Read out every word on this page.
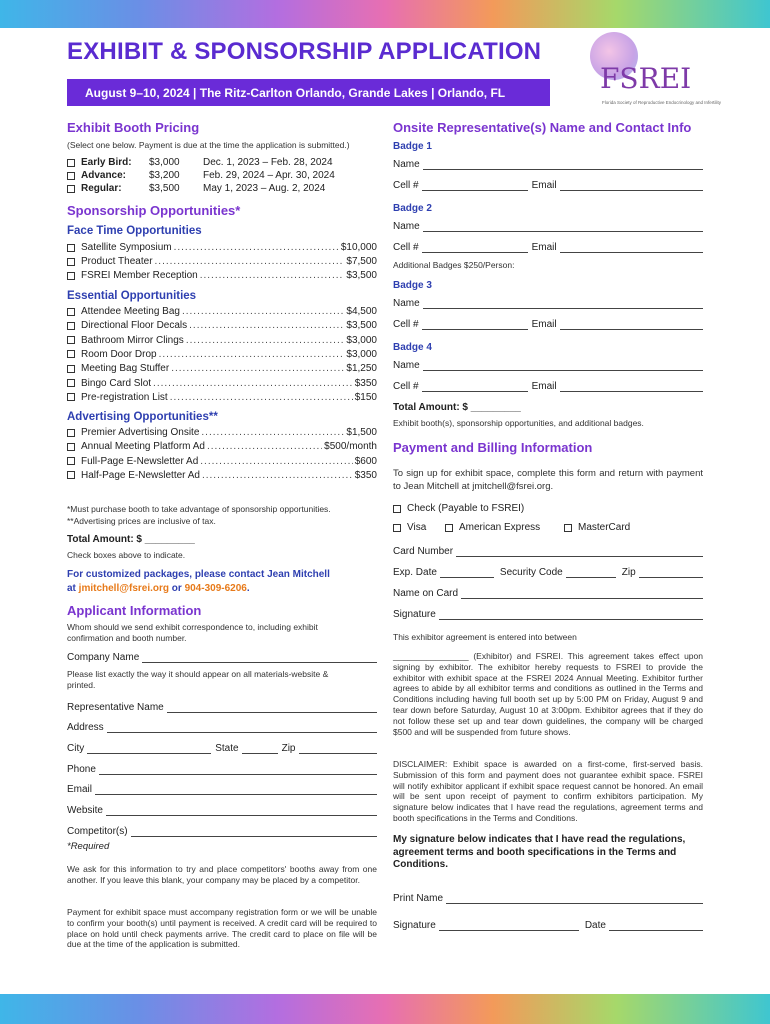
EXHIBIT & SPONSORSHIP APPLICATION
August 9–10, 2024 | The Ritz-Carlton Orlando, Grande Lakes | Orlando, FL	FSREI
Florida Society of Reproductive Endocrinology and Infertility
Exhibit Booth Pricing
(Select one below. Payment is due at the time the application is submitted.)
Early Bird: $3,000	Dec. 1, 2023 – Feb. 28, 2024
Advance: $3,200	Feb. 29, 2024 – Apr. 30, 2024
Regular:	$3,500	May 1, 2023 – Aug. 2, 2024
Sponsorship Opportunities*
Face Time Opportunities
Satellite Symposium .....	$10,000
Product Theater .....	$7,500
FSREI Member Reception .....	$3,500
Essential Opportunities
Attendee Meeting Bag .....	$4,500
Directional Floor Decals .....	$3,500
Bathroom Mirror Clings .....	$3,000
Room Door Drop .....	$3,000
Meeting Bag Stuffer .....	$1,250
Bingo Card Slot .....	$350
Pre-registration List .....	$150
Advertising Opportunities**
Premier Advertising Onsite .....	$1,500
Annual Meeting Platform Ad .....	$500/month
Full-Page E-Newsletter Ad .....	$600
Half-Page E-Newsletter Ad .....	$350
*Must purchase booth to take advantage of sponsorship opportunities.
**Advertising prices are inclusive of tax.
Total Amount: $ _________
Check boxes above to indicate.
For customized packages, please contact Jean Mitchell
at jmitchell@fsrei.org or 904-309-6206.
Applicant Information
Whom should we send exhibit correspondence to, including exhibit confirmation and booth number.
Company Name
Please list exactly the way it should appear on all materials-website & printed.
Representative Name
Address
City	State	Zip
Phone
Email
Website
Competitor(s)
*Required
We ask for this information to try and place competitors' booths away from one another. If you leave this blank, your company may be placed by a competitor.
Payment for exhibit space must accompany registration form or we will be unable to confirm your booth(s) until payment is received. A credit card will be required to place on hold until check payments arrive. The credit card to place on file will be due at the time of the application is submitted.
Onsite Representative(s) Name and Contact Info
Badge 1
Name
Cell #	Email
Badge 2
Name
Cell #	Email
Additional Badges $250/Person:
Badge 3
Name
Cell #	Email
Badge 4
Name
Cell #	Email
Total Amount: $ _________
Exhibit booth(s), sponsorship opportunities, and additional badges.
Payment and Billing Information
To sign up for exhibit space, complete this form and return with payment to Jean Mitchell at jmitchell@fsrei.org.
Check (Payable to FSREI)
Visa	American Express	MasterCard
Card Number
Exp. Date	Security Code	Zip
Name on Card
Signature
This exhibitor agreement is entered into between
________________ (Exhibitor) and FSREI. This agreement takes effect upon signing by exhibitor. The exhibitor hereby requests to FSREI to provide the exhibitor with exhibit space at the FSREI 2024 Annual Meeting. Exhibitor further agrees to abide by all exhibitor terms and conditions as outlined in the Terms and Conditions including having full booth set up by 5:00 PM on Friday, August 9 and tear down before Saturday, August 10 at 3:00pm. Exhibitor agrees that if they do not follow these set up and tear down guidelines, the company will be charged $500 and will be suspended from future shows.
DISCLAIMER: Exhibit space is awarded on a first-come, first-served basis. Submission of this form and payment does not guarantee exhibit space. FSREI will notify exhibitor applicant if exhibit space request cannot be honored. An email will be sent upon receipt of payment to confirm exhibitors participation. My signature below indicates that I have read the regulations, agreement terms and booth specifications in the Terms and Conditions.
My signature below indicates that I have read the regulations, agreement terms and booth specifications in the Terms and Conditions.
Print Name
Signature	Date
